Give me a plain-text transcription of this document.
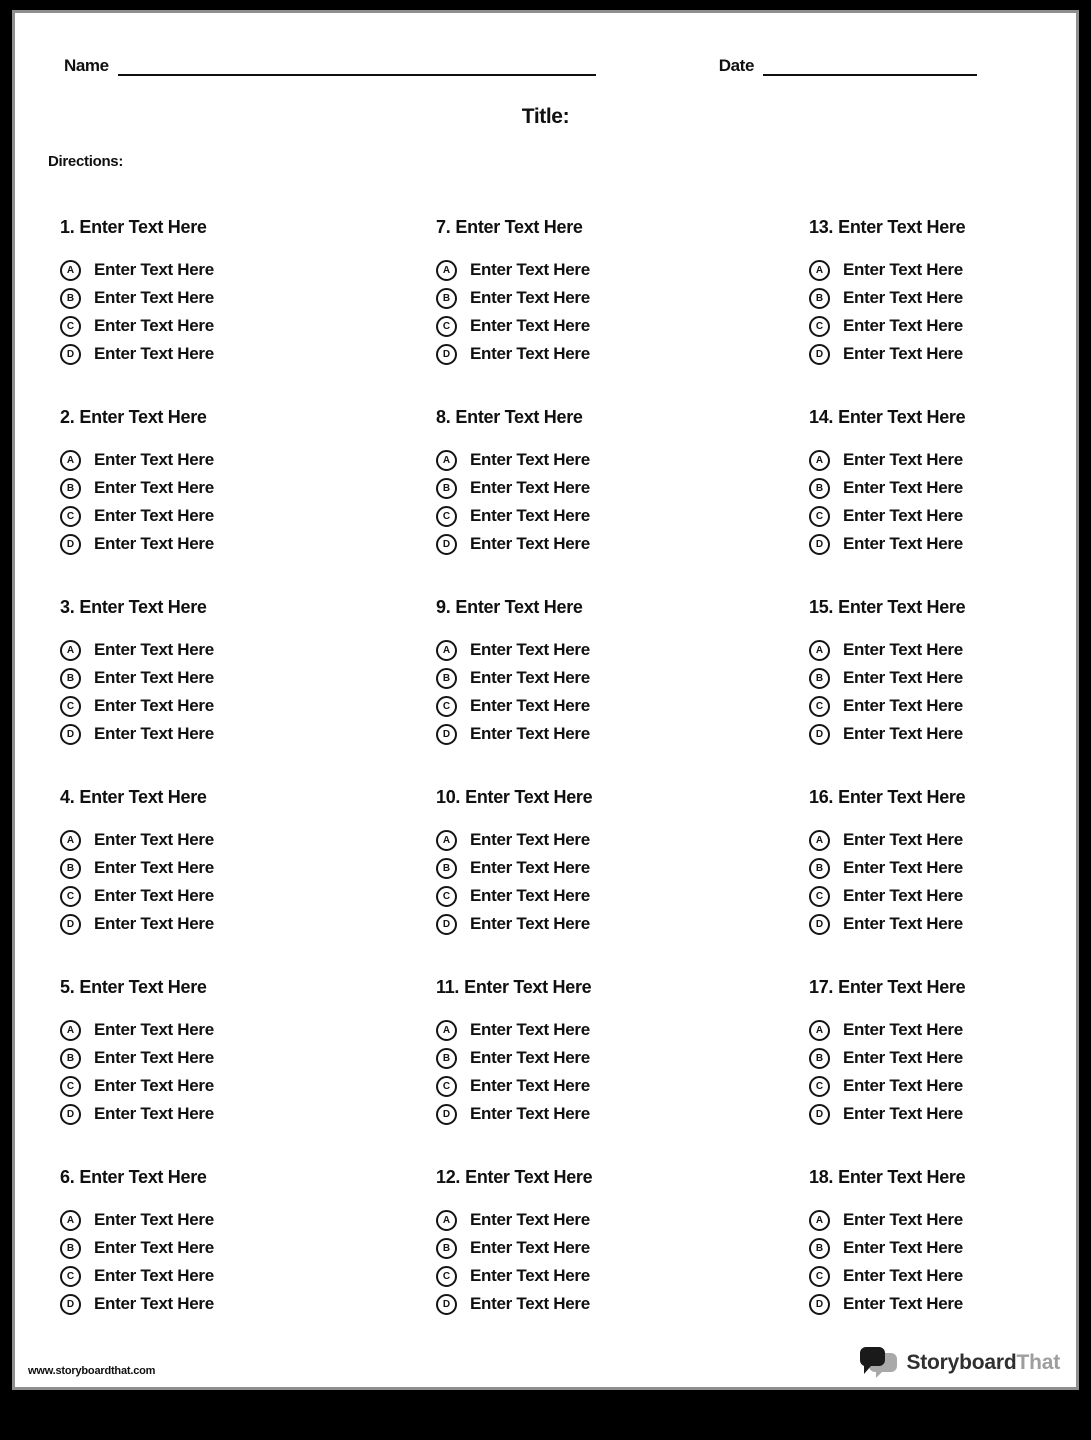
Name	Date
Title:
Directions:
1. Enter Text Here
A	Enter Text Here
B	Enter Text Here
C	Enter Text Here
D	Enter Text Here
2. Enter Text Here
A	Enter Text Here
B	Enter Text Here
C	Enter Text Here
D	Enter Text Here
3. Enter Text Here
A	Enter Text Here
B	Enter Text Here
C	Enter Text Here
D	Enter Text Here
4. Enter Text Here
A	Enter Text Here
B	Enter Text Here
C	Enter Text Here
D	Enter Text Here
5. Enter Text Here
A	Enter Text Here
B	Enter Text Here
C	Enter Text Here
D	Enter Text Here
6. Enter Text Here
A	Enter Text Here
B	Enter Text Here
C	Enter Text Here
D	Enter Text Here
7. Enter Text Here
A	Enter Text Here
B	Enter Text Here
C	Enter Text Here
D	Enter Text Here
8. Enter Text Here
A	Enter Text Here
B	Enter Text Here
C	Enter Text Here
D	Enter Text Here
9. Enter Text Here
A	Enter Text Here
B	Enter Text Here
C	Enter Text Here
D	Enter Text Here
10. Enter Text Here
A	Enter Text Here
B	Enter Text Here
C	Enter Text Here
D	Enter Text Here
11. Enter Text Here
A	Enter Text Here
B	Enter Text Here
C	Enter Text Here
D	Enter Text Here
12. Enter Text Here
A	Enter Text Here
B	Enter Text Here
C	Enter Text Here
D	Enter Text Here
13. Enter Text Here
A	Enter Text Here
B	Enter Text Here
C	Enter Text Here
D	Enter Text Here
14. Enter Text Here
A	Enter Text Here
B	Enter Text Here
C	Enter Text Here
D	Enter Text Here
15. Enter Text Here
A	Enter Text Here
B	Enter Text Here
C	Enter Text Here
D	Enter Text Here
16. Enter Text Here
A	Enter Text Here
B	Enter Text Here
C	Enter Text Here
D	Enter Text Here
17. Enter Text Here
A	Enter Text Here
B	Enter Text Here
C	Enter Text Here
D	Enter Text Here
18. Enter Text Here
A	Enter Text Here
B	Enter Text Here
C	Enter Text Here
D	Enter Text Here
www.storyboardthat.com	StoryboardThat
